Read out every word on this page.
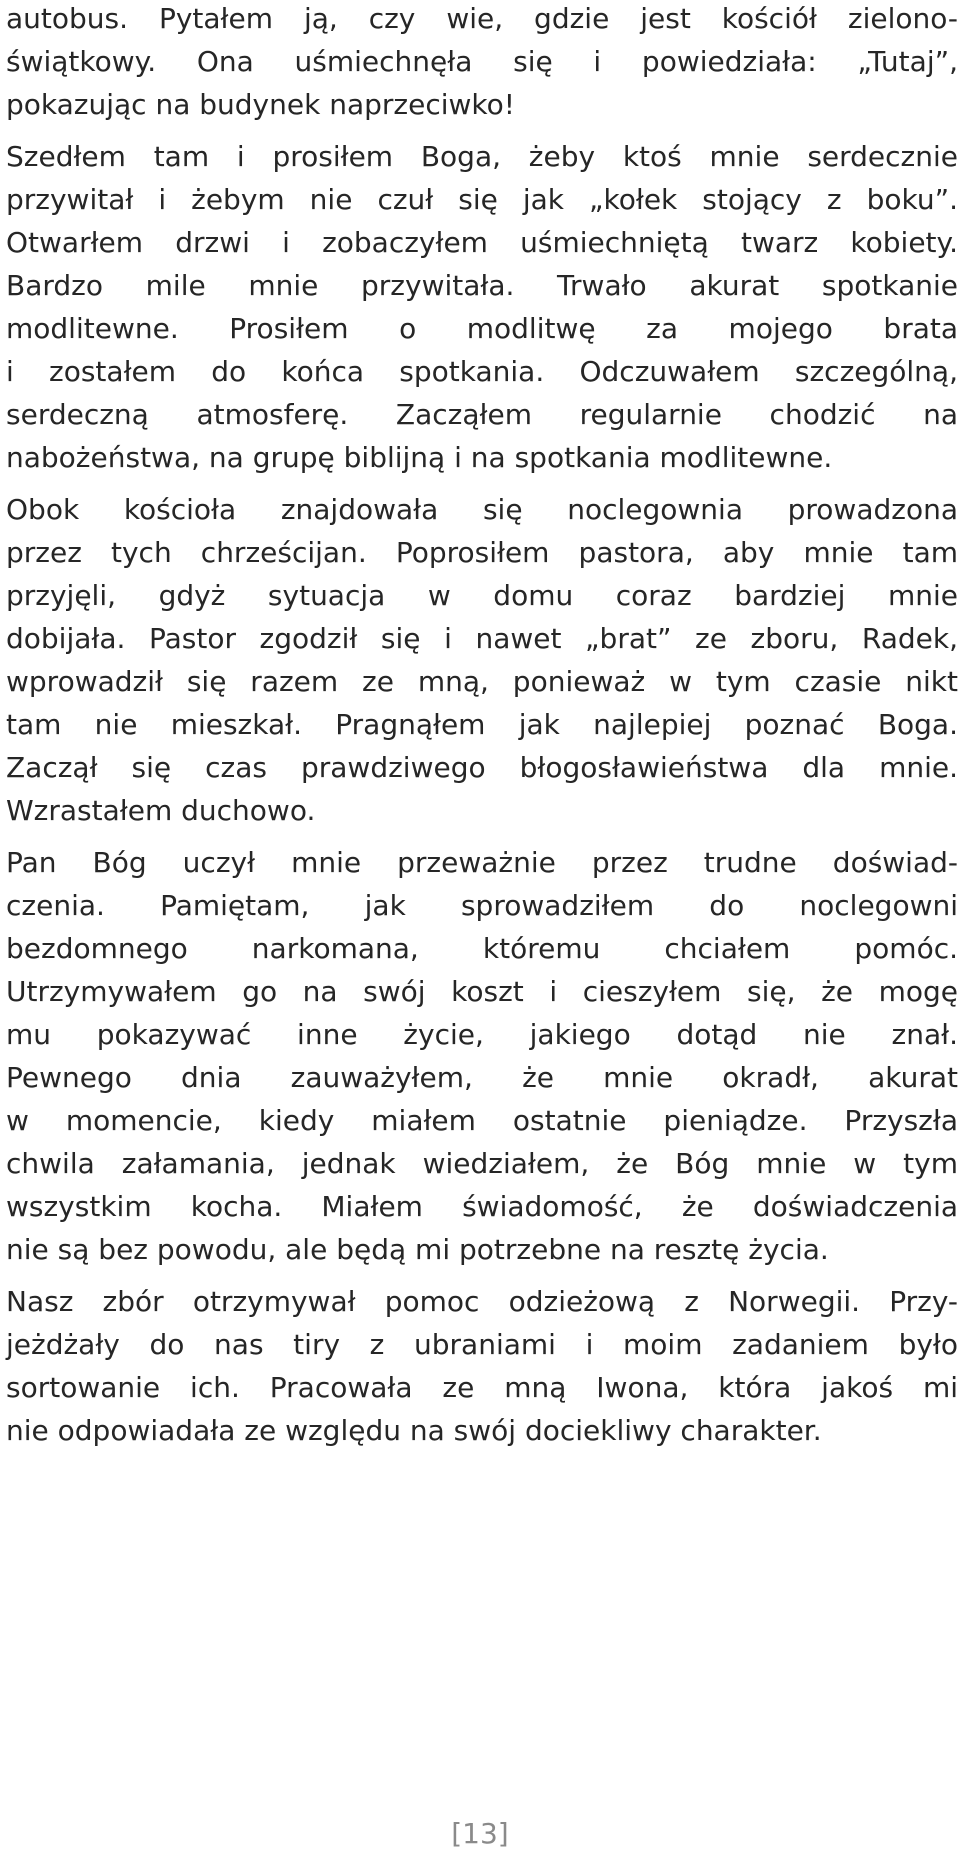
autobus. Pytałem ją, czy wie, gdzie jest kościół zielono-
świątkowy. Ona uśmiechnęła się i powiedziała: „Tutaj”,
pokazując na budynek naprzeciwko!
Szedłem tam i prosiłem Boga, żeby ktoś mnie serdecznie
przywitał i żebym nie czuł się jak „kołek stojący z boku”.
Otwarłem drzwi i zobaczyłem uśmiechniętą twarz kobiety.
Bardzo mile mnie przywitała. Trwało akurat spotkanie
modlitewne. Prosiłem o modlitwę za mojego brata
i zostałem do końca spotkania. Odczuwałem szczególną,
serdeczną atmosferę. Zacząłem regularnie chodzić na
nabożeństwa, na grupę biblijną i na spotkania modlitewne.
Obok kościoła znajdowała się noclegownia prowadzona
przez tych chrześcijan. Poprosiłem pastora, aby mnie tam
przyjęli, gdyż sytuacja w domu coraz bardziej mnie
dobijała. Pastor zgodził się i nawet „brat” ze zboru, Radek,
wprowadził się razem ze mną, ponieważ w tym czasie nikt
tam nie mieszkał. Pragnąłem jak najlepiej poznać Boga.
Zaczął się czas prawdziwego błogosławieństwa dla mnie.
Wzrastałem duchowo.
Pan Bóg uczył mnie przeważnie przez trudne doświad-
czenia. Pamiętam, jak sprowadziłem do noclegowni
bezdomnego narkomana, któremu chciałem pomóc.
Utrzymywałem go na swój koszt i cieszyłem się, że mogę
mu pokazywać inne życie, jakiego dotąd nie znał.
Pewnego dnia zauważyłem, że mnie okradł, akurat
w momencie, kiedy miałem ostatnie pieniądze. Przyszła
chwila załamania, jednak wiedziałem, że Bóg mnie w tym
wszystkim kocha. Miałem świadomość, że doświadczenia
nie są bez powodu, ale będą mi potrzebne na resztę życia.
Nasz zbór otrzymywał pomoc odzieżową z Norwegii. Przy-
jeżdżały do nas tiry z ubraniami i moim zadaniem było
sortowanie ich. Pracowała ze mną Iwona, która jakoś mi
nie odpowiadała ze względu na swój dociekliwy charakter.
[13]
